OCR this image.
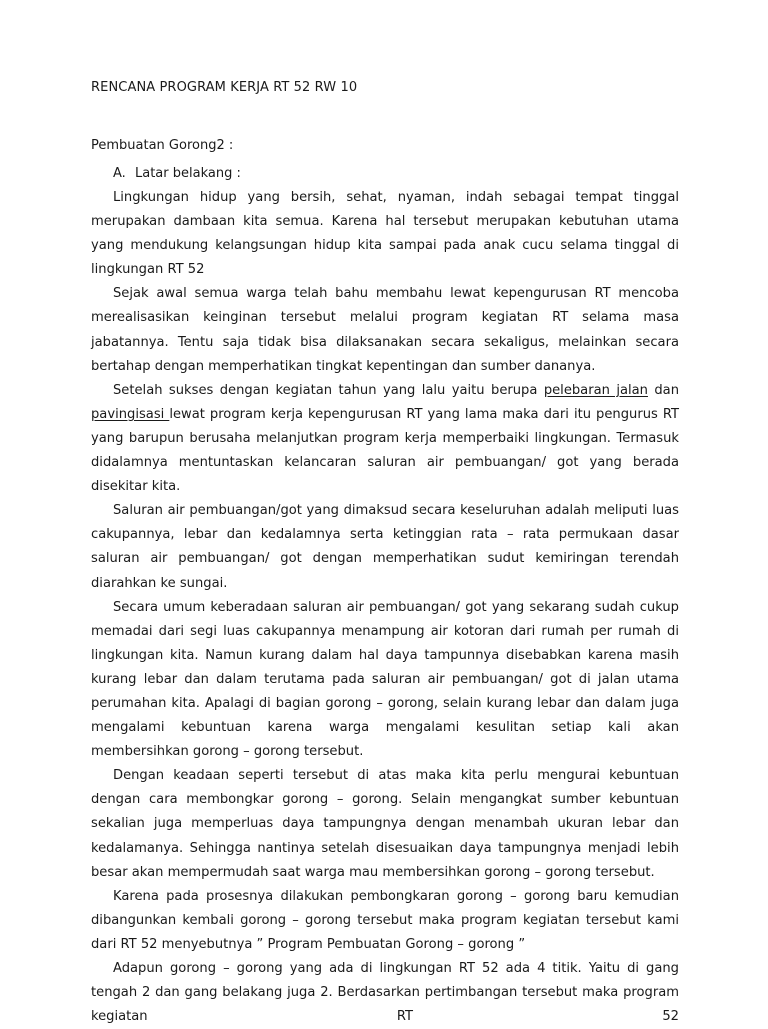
RENCANA PROGRAM KERJA RT 52 RW 10
Pembuatan Gorong2 :
A. Latar belakang :

Lingkungan hidup yang bersih, sehat, nyaman, indah sebagai tempat tinggal merupakan dambaan kita semua. Karena hal tersebut merupakan kebutuhan utama yang mendukung kelangsungan hidup kita sampai pada anak cucu selama tinggal di lingkungan RT 52

Sejak awal semua warga telah bahu membahu lewat kepengurusan RT mencoba merealisasikan keinginan tersebut melalui program kegiatan RT selama masa jabatannya. Tentu saja tidak bisa dilaksanakan secara sekaligus, melainkan secara bertahap dengan memperhatikan tingkat kepentingan dan sumber dananya.

Setelah sukses dengan kegiatan tahun yang lalu yaitu berupa pelebaran jalan dan pavingisasi lewat program kerja kepengurusan RT yang lama maka dari itu pengurus RT yang barupun berusaha melanjutkan program kerja memperbaiki lingkungan. Termasuk didalamnya mentuntaskan kelancaran saluran air pembuangan/ got yang berada disekitar kita.

Saluran air pembuangan/got yang dimaksud secara keseluruhan adalah meliputi luas cakupannya, lebar dan kedalamnya serta ketinggian rata – rata permukaan dasar saluran air pembuangan/ got dengan memperhatikan sudut kemiringan terendah diarahkan ke sungai.

Secara umum keberadaan saluran air pembuangan/ got yang sekarang sudah cukup memadai dari segi luas cakupannya menampung air kotoran dari rumah per rumah di lingkungan kita. Namun kurang dalam hal daya tampunnya disebabkan karena masih kurang lebar dan dalam terutama pada saluran air pembuangan/ got di jalan utama perumahan kita. Apalagi di bagian gorong – gorong, selain kurang lebar dan dalam juga mengalami kebuntuan karena warga mengalami kesulitan setiap kali akan membersihkan gorong – gorong tersebut.

Dengan keadaan seperti tersebut di atas maka kita perlu mengurai kebuntuan dengan cara membongkar gorong – gorong. Selain mengangkat sumber kebuntuan sekalian juga memperluas daya tampungnya dengan menambah ukuran lebar dan kedalamanya. Sehingga nantinya setelah disesuaikan daya tampungnya menjadi lebih besar akan mempermudah saat warga mau membersihkan gorong – gorong tersebut.

Karena pada prosesnya dilakukan pembongkaran gorong – gorong baru kemudian dibangunkan kembali gorong – gorong tersebut maka program kegiatan tersebut kami dari RT 52 menyebutnya ” Program Pembuatan Gorong – gorong ”

Adapun gorong – gorong yang ada di lingkungan RT 52 ada 4 titik. Yaitu di gang tengah 2 dan gang belakang juga 2. Berdasarkan pertimbangan tersebut maka program kegiatan RT 52
